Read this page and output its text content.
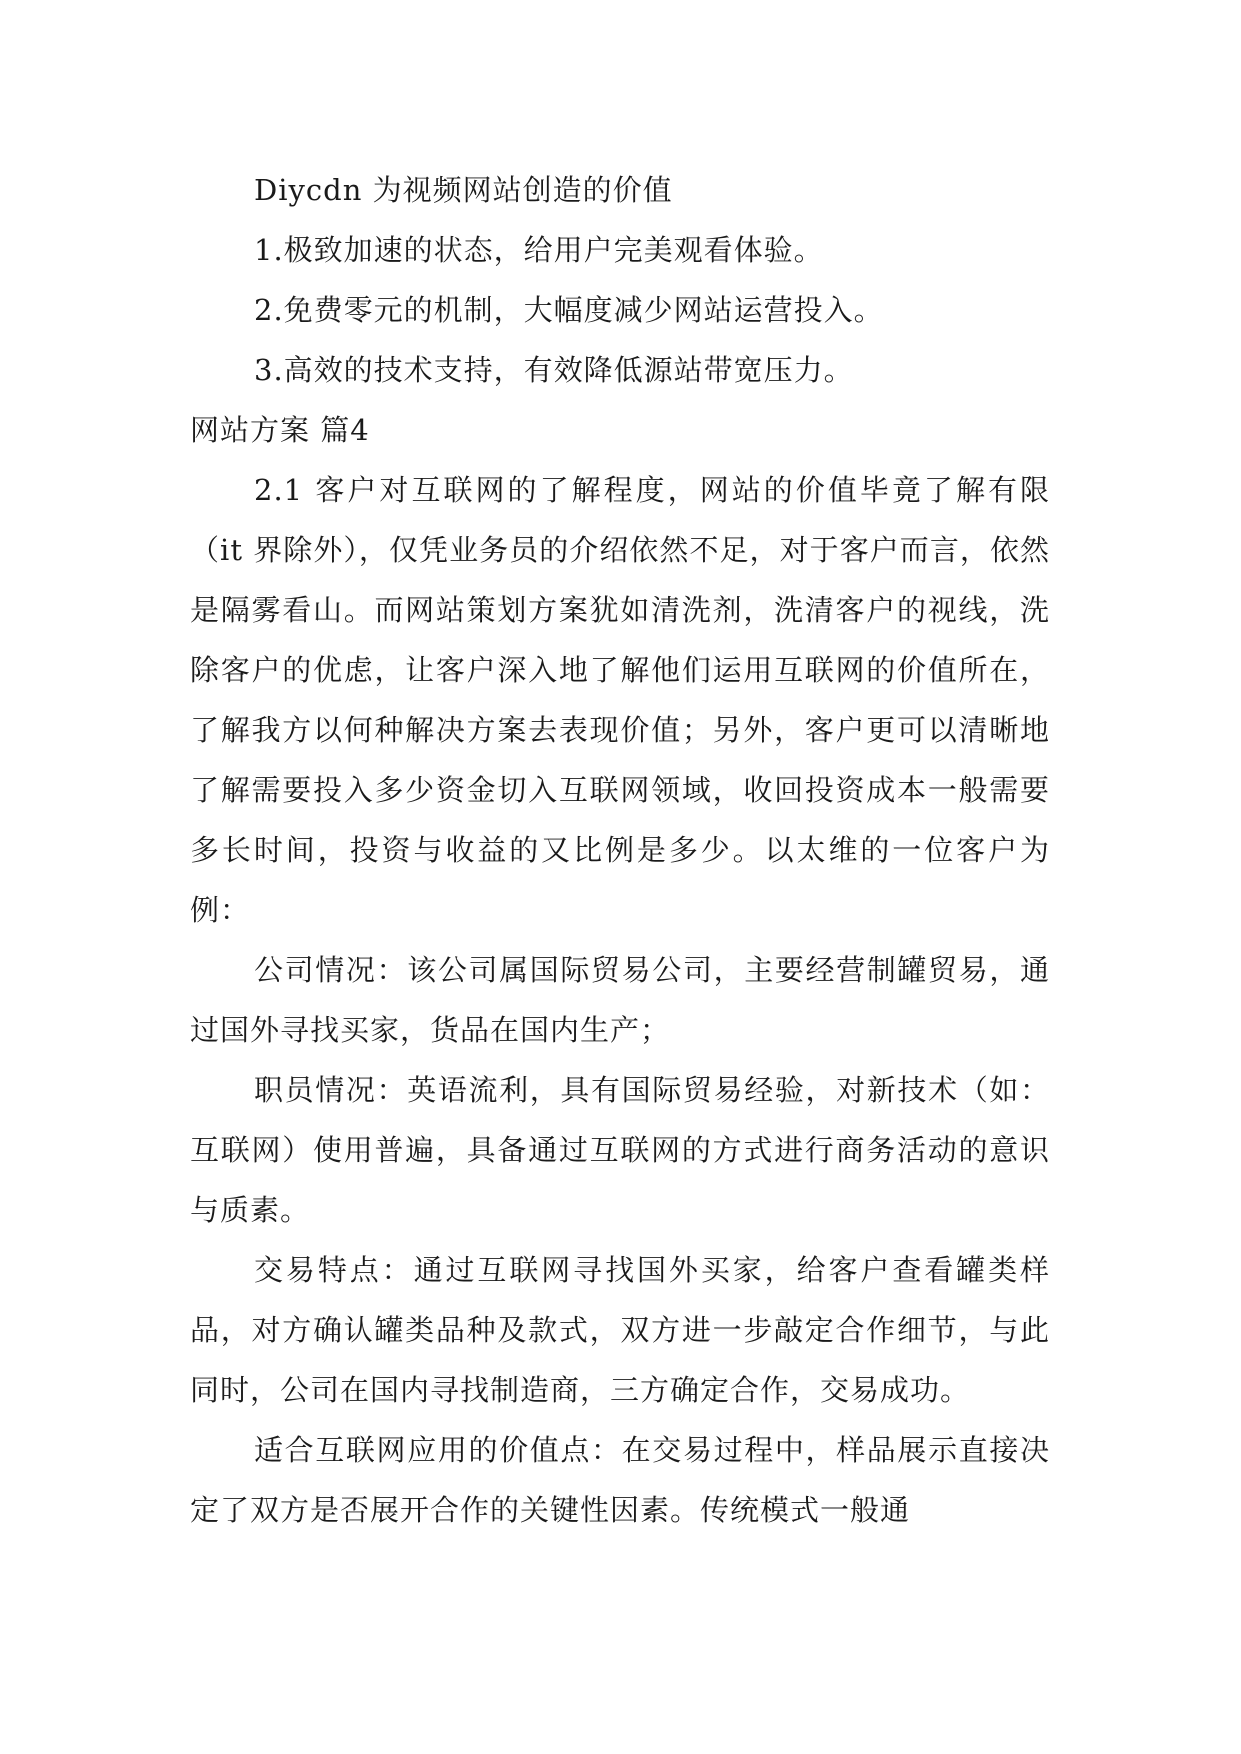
Diycdn 为视频网站创造的价值

1.极致加速的状态，给用户完美观看体验。

2.免费零元的机制，大幅度减少网站运营投入。

3.高效的技术支持，有效降低源站带宽压力。

网站方案 篇4

2.1 客户对互联网的了解程度，网站的价值毕竟了解有限（it 界除外），仅凭业务员的介绍依然不足，对于客户而言，依然是隔雾看山。而网站策划方案犹如清洗剂，洗清客户的视线，洗除客户的优虑，让客户深入地了解他们运用互联网的价值所在，了解我方以何种解决方案去表现价值；另外，客户更可以清晰地了解需要投入多少资金切入互联网领域，收回投资成本一般需要多长时间，投资与收益的又比例是多少。以太维的一位客户为例：

公司情况：该公司属国际贸易公司，主要经营制罐贸易，通过国外寻找买家，货品在国内生产；

职员情况：英语流利，具有国际贸易经验，对新技术（如：互联网）使用普遍，具备通过互联网的方式进行商务活动的意识与质素。

交易特点：通过互联网寻找国外买家，给客户查看罐类样品，对方确认罐类品种及款式，双方进一步敲定合作细节，与此同时，公司在国内寻找制造商，三方确定合作，交易成功。

适合互联网应用的价值点：在交易过程中，样品展示直接决定了双方是否展开合作的关键性因素。传统模式一般通
